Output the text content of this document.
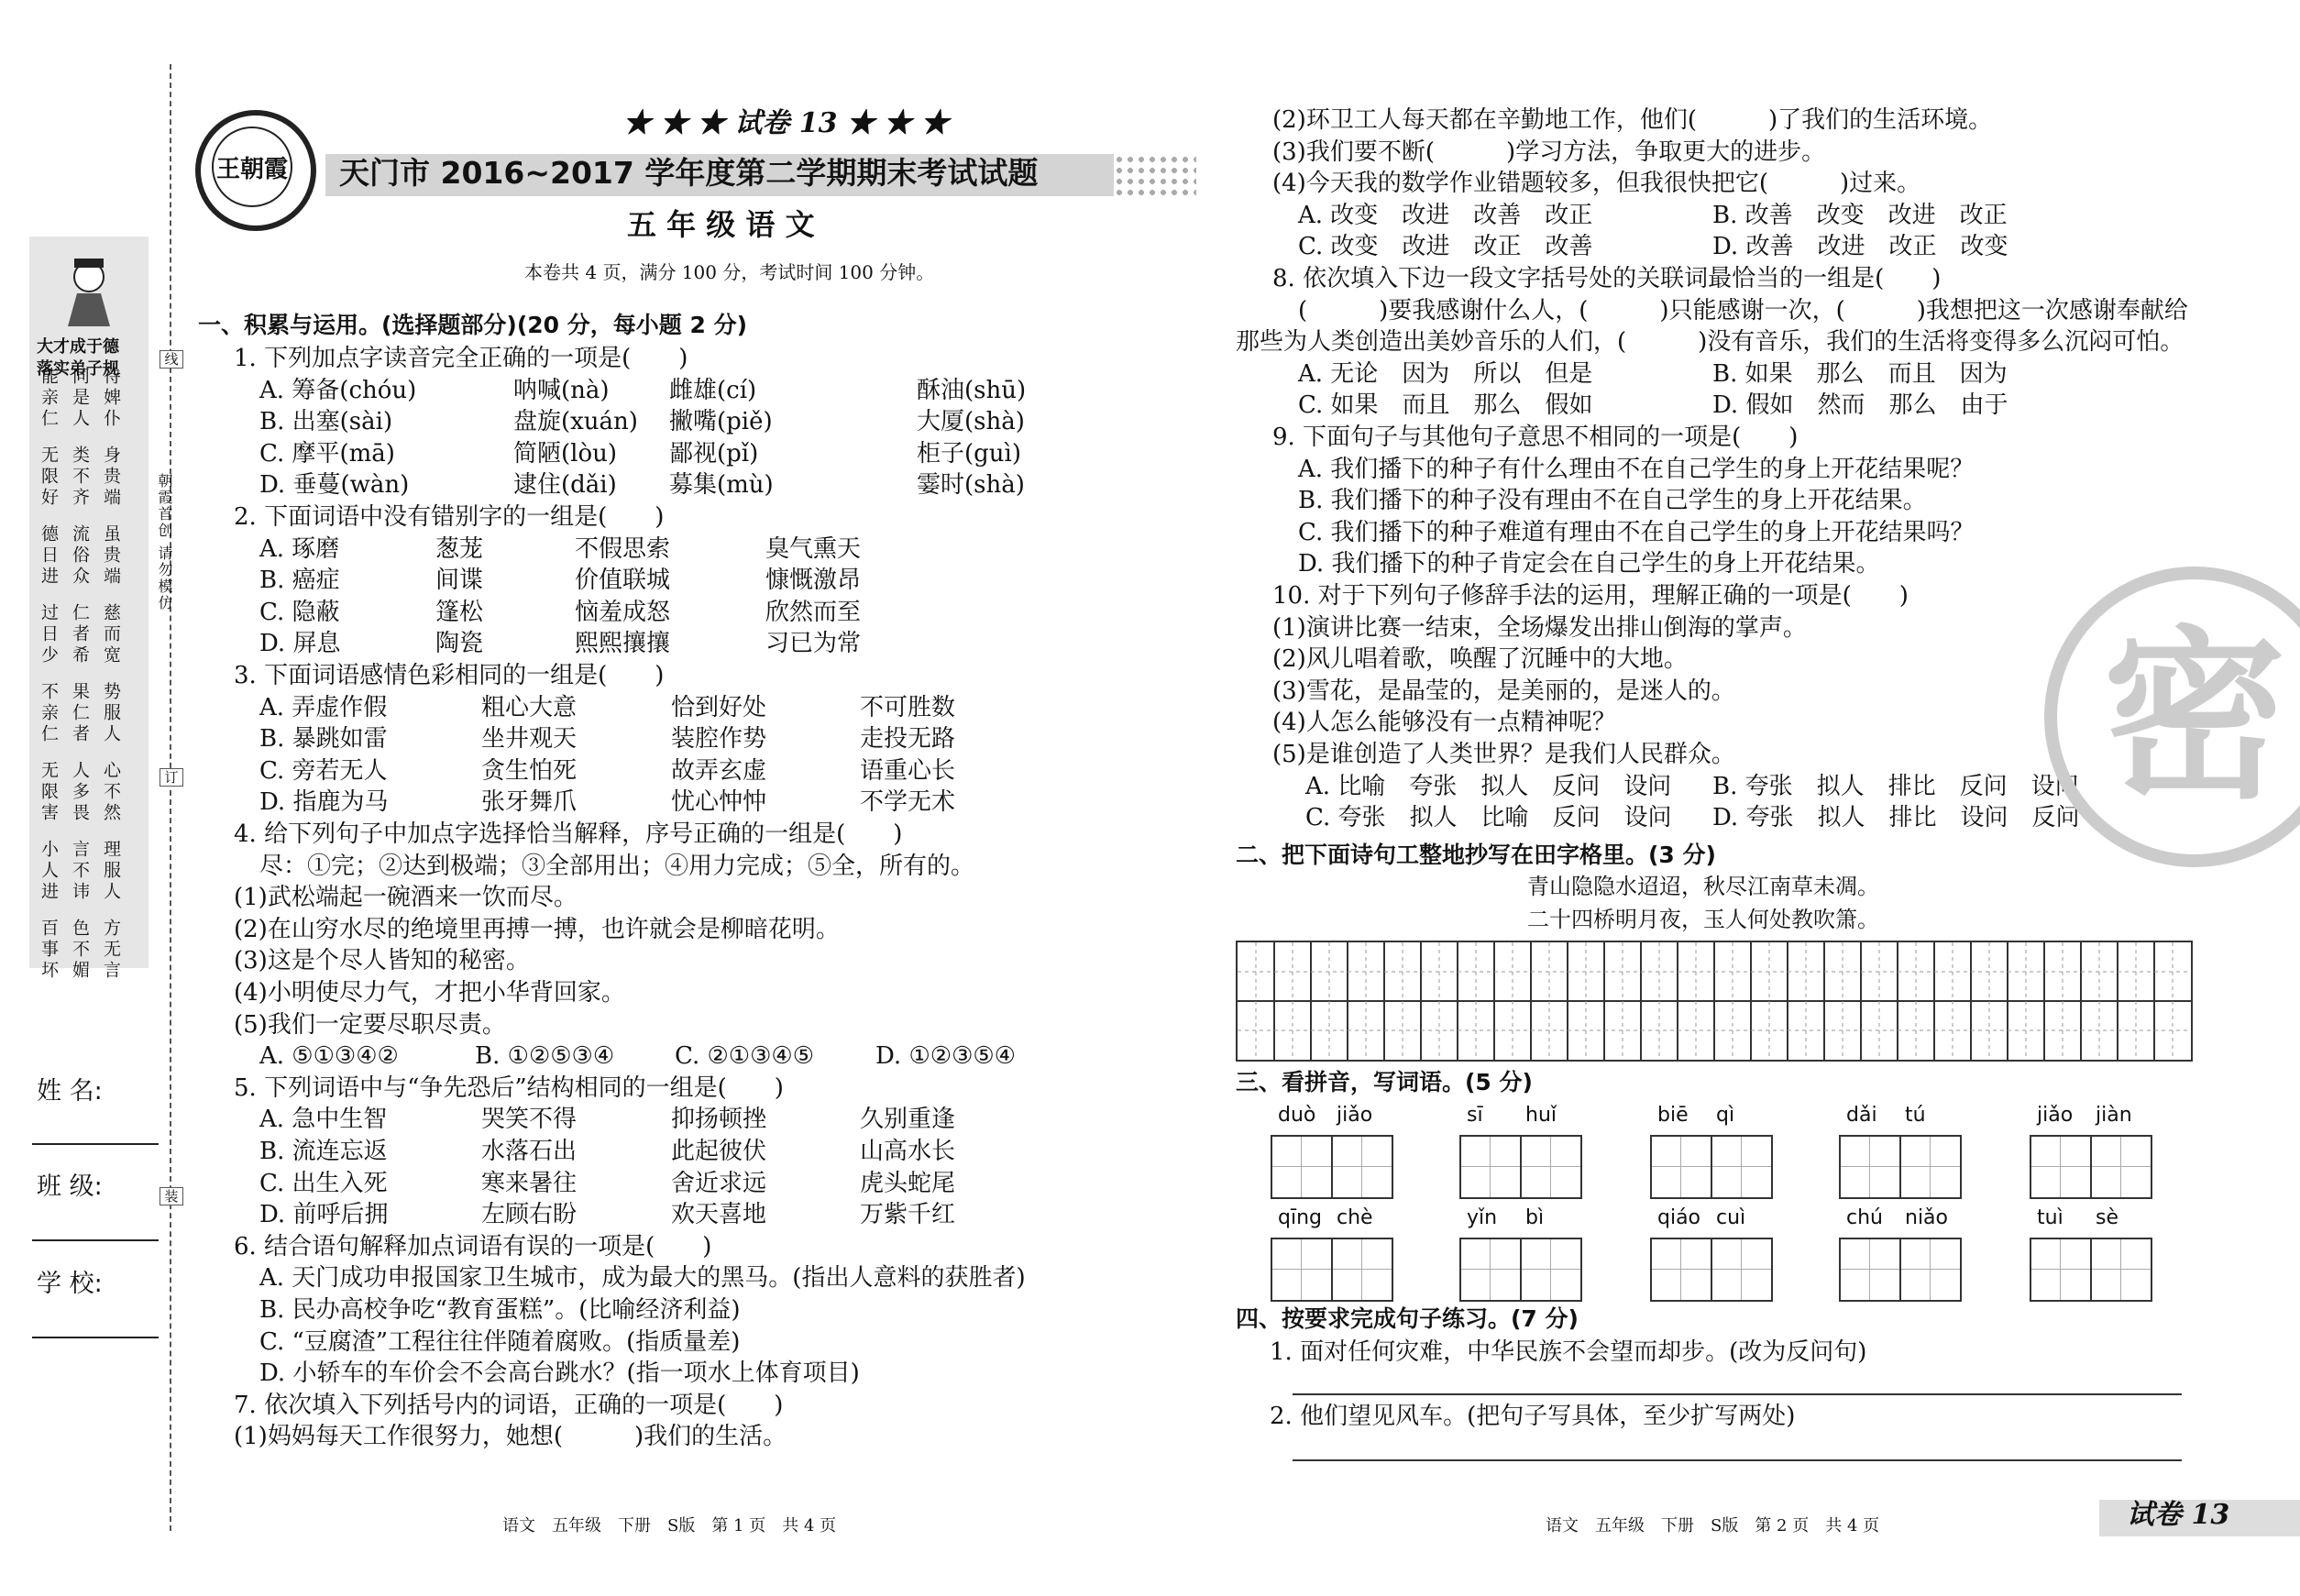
大才成于德
落实弟子规
能亲仁 同是人 待婢仆
无限好 类不齐 身贵端
德日进 流俗众 虽贵端
过日少 仁者希 慈而宽
不亲仁 果仁者 势服人
无限害 人多畏 心不然
小人进 言不讳 理服人
百事坏 色不媚 方无言
线
订
装
朝霞首创 请勿模仿
姓 名:
班 级:
学 校:
王朝霞
★ ★ ★ 试卷 13 ★ ★ ★
天门市 2016~2017 学年度第二学期期末考试试题
五 年 级 语 文
本卷共 4 页，满分 100 分，考试时间 100 分钟。
一、积累与运用。(选择题部分)(20 分，每小题 2 分)
1. 下列加点字读音完全正确的一项是(　　)
A. 筹备(chóu)	呐喊(nà)	雌雄(cí)	酥油(shū)
B. 出塞(sài)	盘旋(xuán) 撇嘴(piě)	大厦(shà)
C. 摩平(mā)	简陋(lòu) 鄙视(pǐ)	柜子(guì)
D. 垂蔓(wàn)	逮住(dǎi) 募集(mù)	霎时(shà)
2. 下面词语中没有错别字的一组是(　　)
A. 琢磨	葱茏	不假思索	臭气熏天
B. 癌症	间谍	价值联城	慷慨激昂
C. 隐蔽	篷松	恼羞成怒	欣然而至
D. 屏息	陶瓷	熙熙攘攘	习已为常
3. 下面词语感情色彩相同的一组是(　　)
A. 弄虚作假	粗心大意	恰到好处	不可胜数
B. 暴跳如雷	坐井观天	装腔作势	走投无路
C. 旁若无人	贪生怕死	故弄玄虚	语重心长
D. 指鹿为马	张牙舞爪	忧心忡忡	不学无术
4. 给下列句子中加点字选择恰当解释，序号正确的一组是(　　)
尽：①完；②达到极端；③全部用出；④用力完成；⑤全，所有的。
(1)武松端起一碗酒来一饮而尽。
(2)在山穷水尽的绝境里再搏一搏，也许就会是柳暗花明。
(3)这是个尽人皆知的秘密。
(4)小明使尽力气，才把小华背回家。
(5)我们一定要尽职尽责。
A. ⑤①③④②	B. ①②⑤③④	C. ②①③④⑤	D. ①②③⑤④
5. 下列词语中与“争先恐后”结构相同的一组是(　　)
A. 急中生智	哭笑不得	抑扬顿挫	久别重逢
B. 流连忘返	水落石出	此起彼伏	山高水长
C. 出生入死	寒来暑往	舍近求远	虎头蛇尾
D. 前呼后拥	左顾右盼	欢天喜地	万紫千红
6. 结合语句解释加点词语有误的一项是(　　)
A. 天门成功申报国家卫生城市，成为最大的黑马。(指出人意料的获胜者)
B. 民办高校争吃“教育蛋糕”。(比喻经济利益)
C. “豆腐渣”工程往往伴随着腐败。(指质量差)
D. 小轿车的车价会不会高台跳水？(指一项水上体育项目)
7. 依次填入下列括号内的词语，正确的一项是(　　)
(1)妈妈每天工作很努力，她想(　　　)我们的生活。
(2)环卫工人每天都在辛勤地工作，他们(　　　)了我们的生活环境。
(3)我们要不断(　　　)学习方法，争取更大的进步。
(4)今天我的数学作业错题较多，但我很快把它(　　　)过来。
A. 改变　改进　改善　改正	B. 改善　改变　改进　改正
C. 改变　改进　改正　改善	D. 改善　改进　改正　改变
8. 依次填入下边一段文字括号处的关联词最恰当的一组是(　　)
(　　　)要我感谢什么人，(　　　)只能感谢一次，(　　　)我想把这一次感谢奉献给
那些为人类创造出美妙音乐的人们，(　　　)没有音乐，我们的生活将变得多么沉闷可怕。
A. 无论　因为　所以　但是	B. 如果　那么　而且　因为
C. 如果　而且　那么　假如	D. 假如　然而　那么　由于
9. 下面句子与其他句子意思不相同的一项是(　　)
A. 我们播下的种子有什么理由不在自己学生的身上开花结果呢？
B. 我们播下的种子没有理由不在自己学生的身上开花结果。
C. 我们播下的种子难道有理由不在自己学生的身上开花结果吗？
D. 我们播下的种子肯定会在自己学生的身上开花结果。
10. 对于下列句子修辞手法的运用，理解正确的一项是(　　)
(1)演讲比赛一结束，全场爆发出排山倒海的掌声。
(2)风儿唱着歌，唤醒了沉睡中的大地。
(3)雪花，是晶莹的，是美丽的，是迷人的。
(4)人怎么能够没有一点精神呢？
(5)是谁创造了人类世界？是我们人民群众。
A. 比喻　夸张　拟人　反问　设问 B. 夸张　拟人　排比　反问　设问
C. 夸张　拟人　比喻　反问　设问 D. 夸张　拟人　排比　设问　反问 密
二、把下面诗句工整地抄写在田字格里。(3 分)
青山隐隐水迢迢，秋尽江南草未凋。
二十四桥明月夜，玉人何处教吹箫。
三、看拼音，写词语。(5 分)
duò jiǎo	sī huǐ	biē qì	dǎi tú	jiǎo jiàn
qīng chè	yǐn bì	qiáo cuì	chú niǎo	tuì sè
四、按要求完成句子练习。(7 分)
1. 面对任何灾难，中华民族不会望而却步。(改为反问句)
2. 他们望见风车。(把句子写具体，至少扩写两处)
语文　五年级　下册　S版　第 1 页　共 4 页	语文　五年级　下册　S版　第 2 页　共 4 页	试卷 13
